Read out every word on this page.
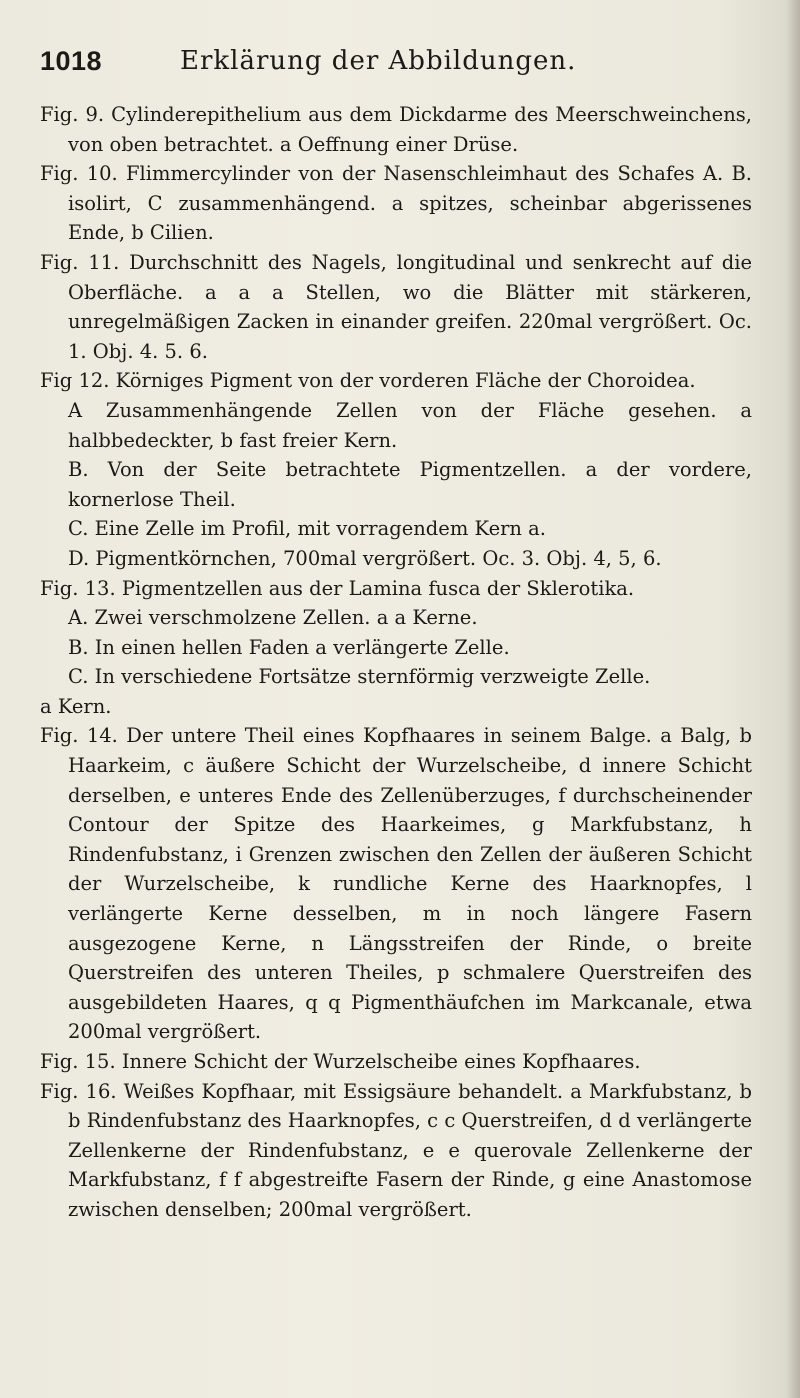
1018	Erklärung der Abbildungen.

Fig. 9. Cylinderepithelium aus dem Dickdarme des Meerschweinchens, von oben betrachtet. a Oeffnung einer Drüse.

Fig. 10. Flimmercylinder von der Nasenschleimhaut des Schafes A. B. isolirt, C zusammenhängend. a spitzes, scheinbar abgerissenes Ende, b Cilien.

Fig. 11. Durchschnitt des Nagels, longitudinal und senkrecht auf die Oberfläche. a a a Stellen, wo die Blätter mit stärkeren, unregelmäßigen Zacken in einander greifen. 220mal vergrößert. Oc. 1. Obj. 4. 5. 6.

Fig 12. Körniges Pigment von der vorderen Fläche der Choroidea.

A Zusammenhängende Zellen von der Fläche gesehen. a halbbedeckter, b fast freier Kern.

B. Von der Seite betrachtete Pigmentzellen. a der vordere, kornerlose Theil.

C. Eine Zelle im Profil, mit vorragendem Kern a.

D. Pigmentkörnchen, 700mal vergrößert. Oc. 3. Obj. 4, 5, 6.

Fig. 13. Pigmentzellen aus der Lamina fusca der Sklerotika.

A. Zwei verschmolzene Zellen. a a Kerne.

B. In einen hellen Faden a verlängerte Zelle.

C. In verschiedene Fortsätze sternförmig verzweigte Zelle.

a Kern.

Fig. 14. Der untere Theil eines Kopfhaares in seinem Balge. a Balg, b Haarkeim, c äußere Schicht der Wurzelscheibe, d innere Schicht derselben, e unteres Ende des Zellenüberzuges, f durchscheinender Contour der Spitze des Haarkeimes, g Markfubstanz, h Rindenfubstanz, i Grenzen zwischen den Zellen der äußeren Schicht der Wurzelscheibe, k rundliche Kerne des Haarknopfes, l verlängerte Kerne desselben, m in noch längere Fasern ausgezogene Kerne, n Längsstreifen der Rinde, o breite Querstreifen des unteren Theiles, p schmalere Querstreifen des ausgebildeten Haares, q q Pigmenthäufchen im Markcanale, etwa 200mal vergrößert.

Fig. 15. Innere Schicht der Wurzelscheibe eines Kopfhaares.

Fig. 16. Weißes Kopfhaar, mit Essigsäure behandelt. a Markfubstanz, b b Rindenfubstanz des Haarknopfes, c c Querstreifen, d d verlängerte Zellenkerne der Rindenfubstanz, e e querovale Zellenkerne der Markfubstanz, f f abgestreifte Fasern der Rinde, g eine Anastomose zwischen denselben; 200mal vergrößert.
